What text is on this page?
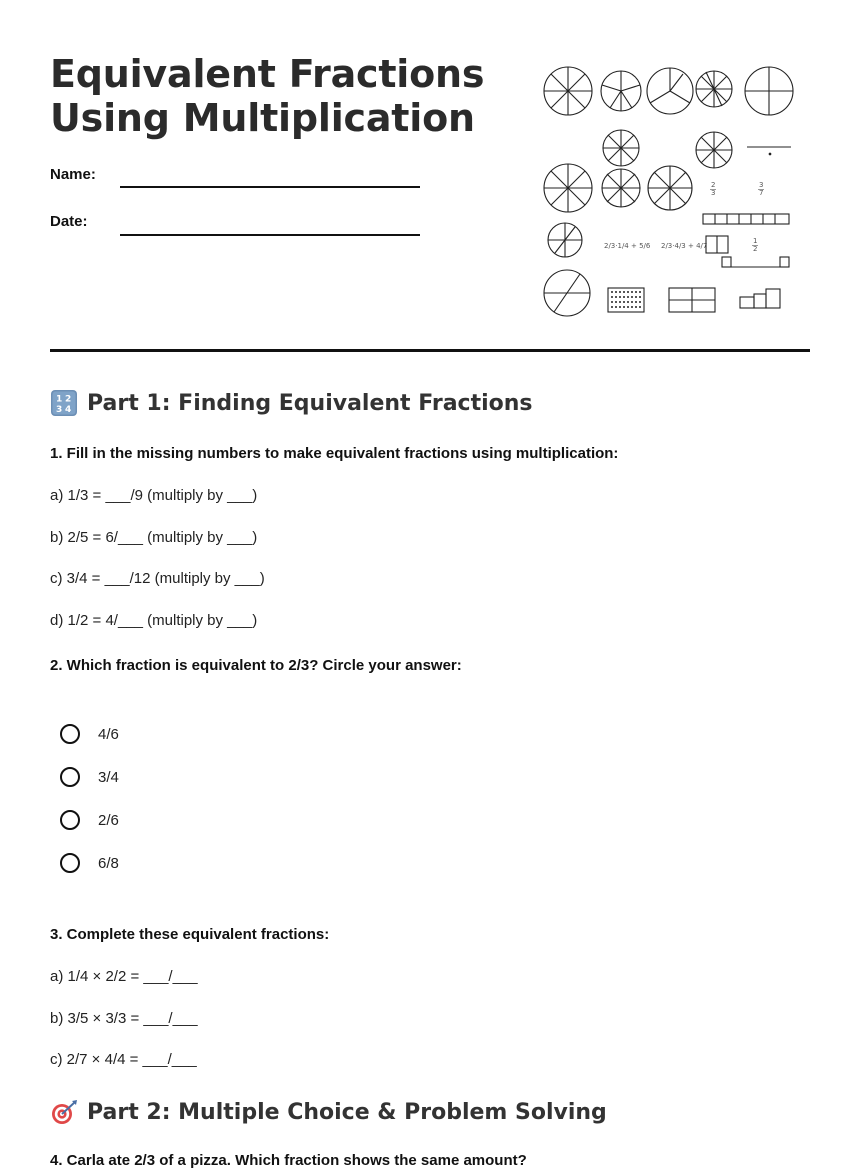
Equivalent Fractions
Using Multiplication
Name:
Date:
2
3
3
7
2/3·1/4 + 5/6 2/3·4/3 + 4/7
1
2
1 2
3 4 Part 1: Finding Equivalent Fractions
1. Fill in the missing numbers to make equivalent fractions using multiplication:
a) 1/3 = ___/9 (multiply by ___)
b) 2/5 = 6/___ (multiply by ___)
c) 3/4 = ___/12 (multiply by ___)
d) 1/2 = 4/___ (multiply by ___)
2. Which fraction is equivalent to 2/3? Circle your answer:
4/6
3/4
2/6
6/8
3. Complete these equivalent fractions:
a) 1/4 × 2/2 = ___/___
b) 3/5 × 3/3 = ___/___
c) 2/7 × 4/4 = ___/___
Part 2: Multiple Choice & Problem Solving
4. Carla ate 2/3 of a pizza. Which fraction shows the same amount?
